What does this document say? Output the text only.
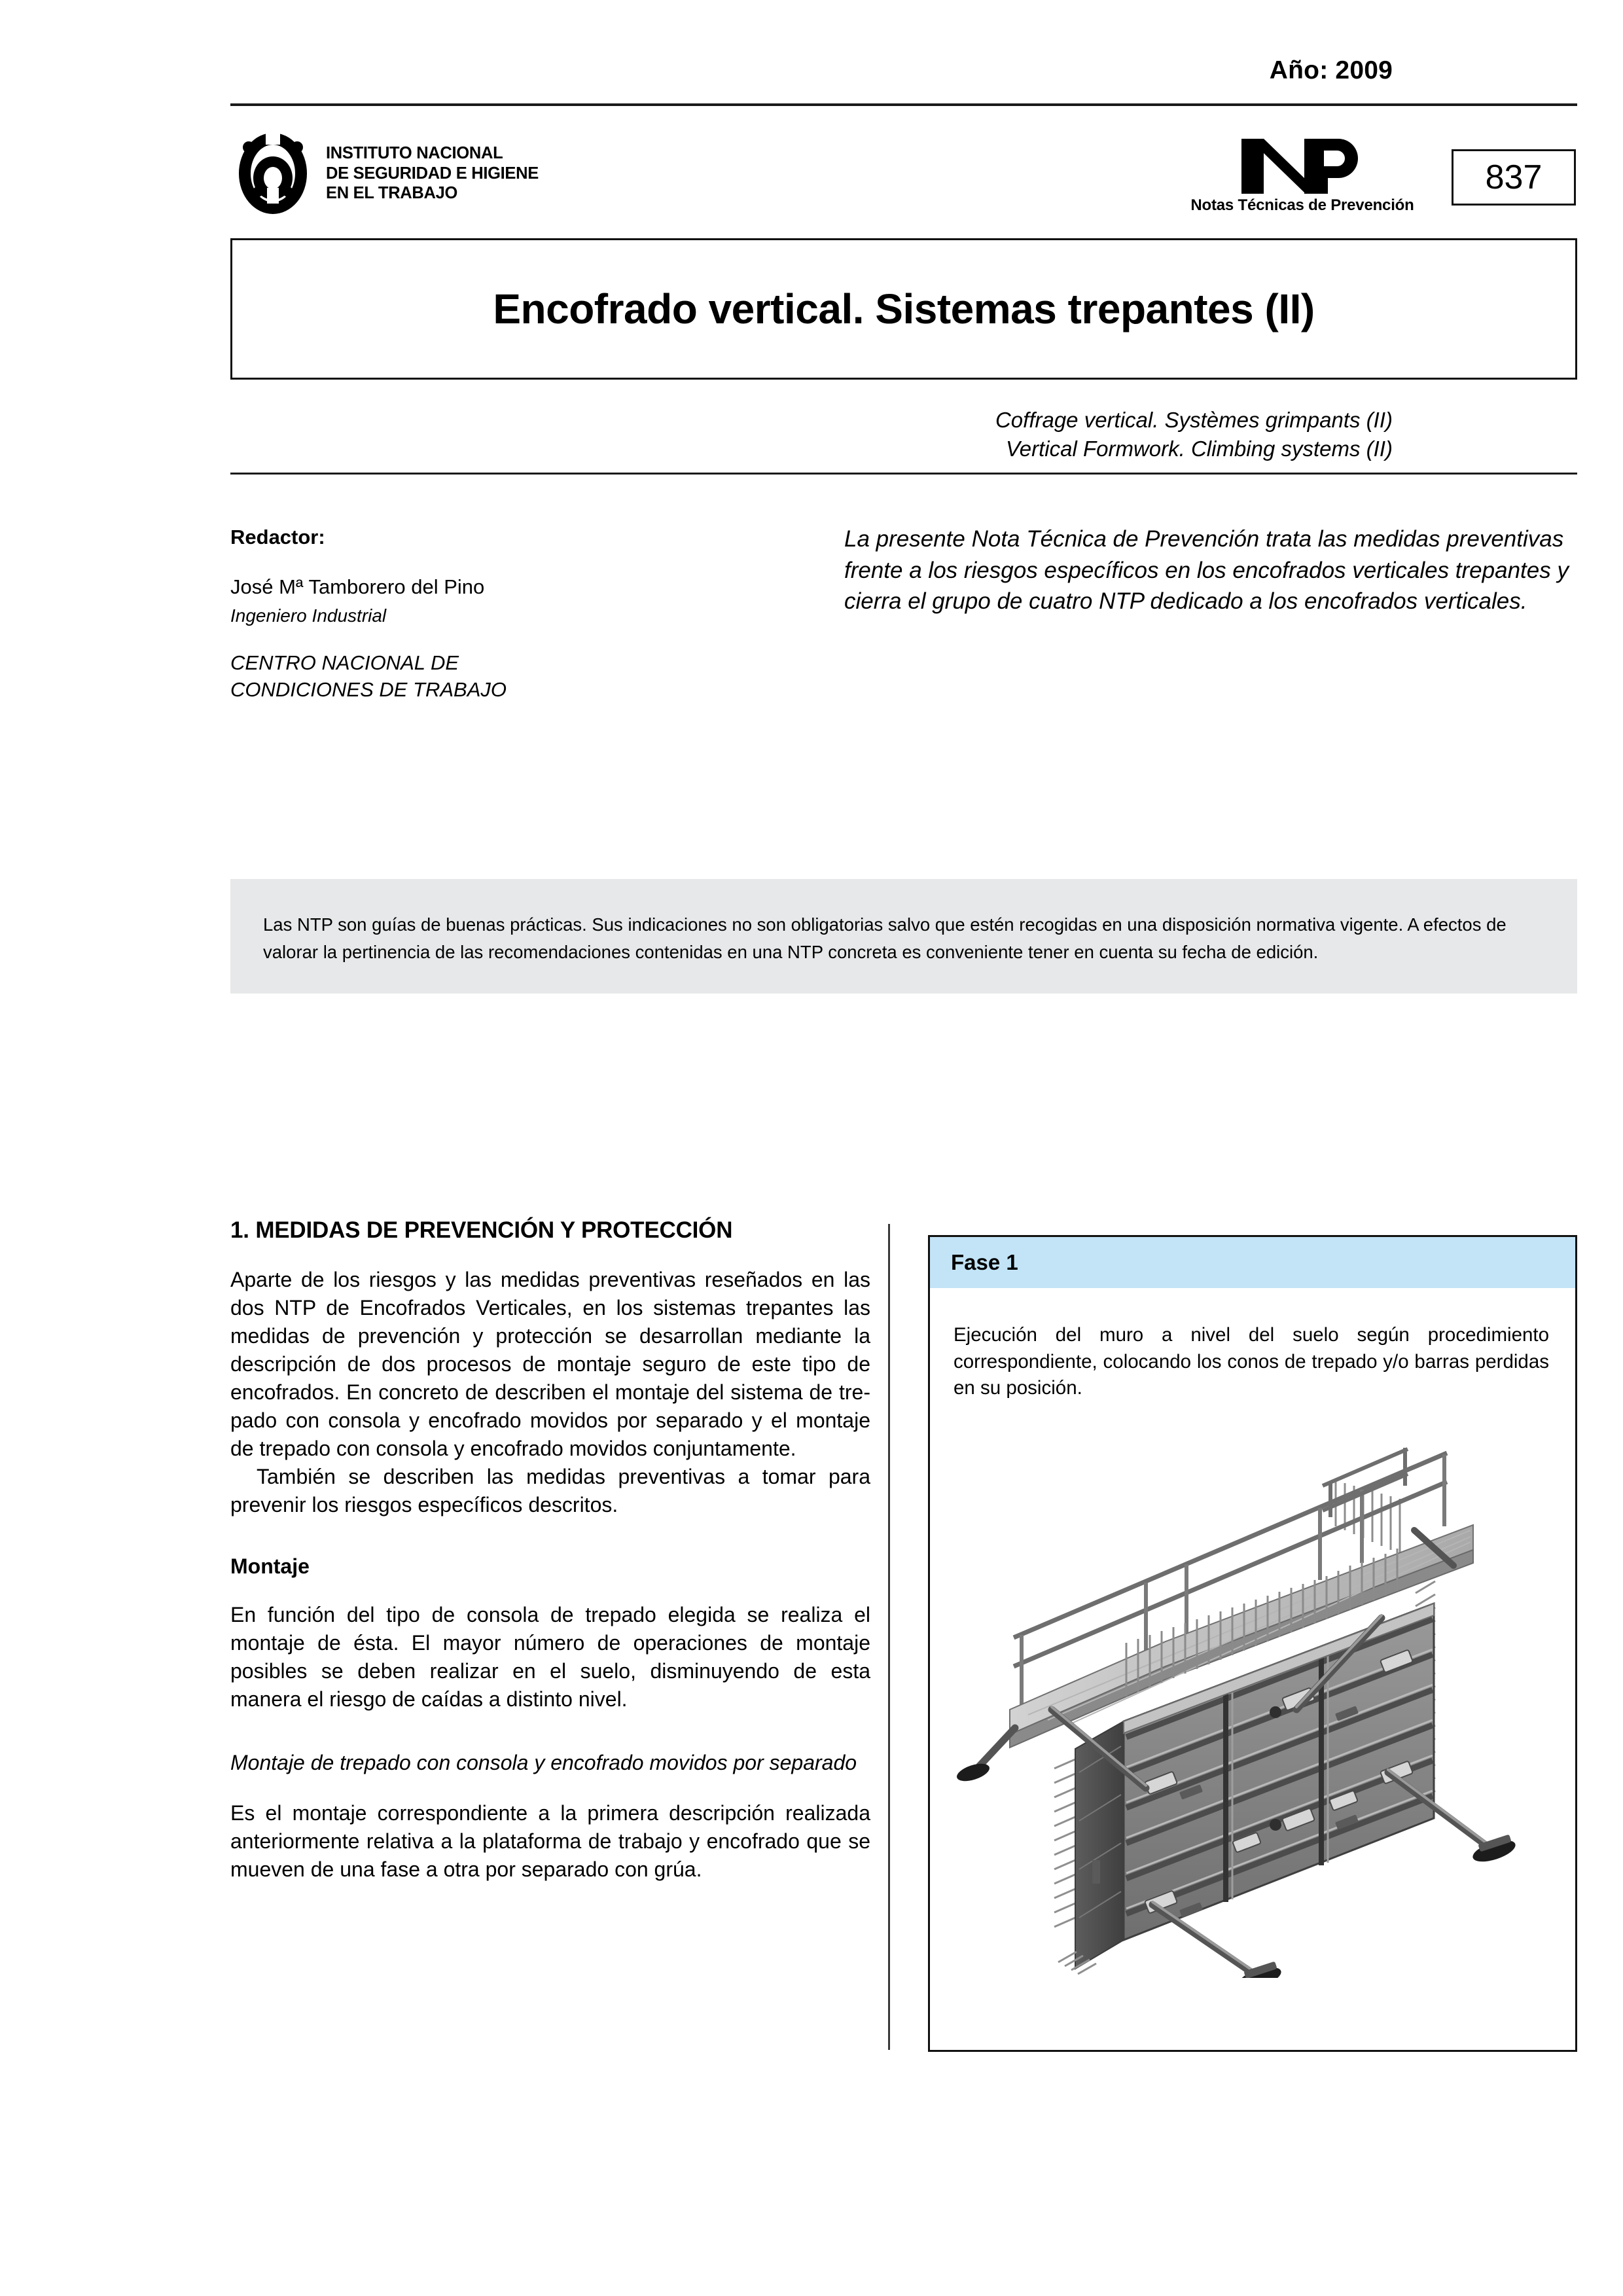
Año: 2009
INSTITUTO NACIONAL
DE SEGURIDAD E HIGIENE
EN EL TRABAJO
Notas Técnicas de Prevención
837
Encofrado vertical. Sistemas trepantes (II)
Coffrage vertical. Systèmes grimpants (II)
Vertical Formwork. Climbing systems (II)
Redactor:
José Mª Tamborero del Pino
Ingeniero Industrial
CENTRO NACIONAL DE
CONDICIONES DE TRABAJO
La presente Nota Técnica de Prevención trata las medidas preventivas frente a los riesgos específicos en los encofrados verticales trepantes y cierra el grupo de cuatro NTP dedicado a los encofrados verticales.
Las NTP son guías de buenas prácticas. Sus indicaciones no son obligatorias salvo que estén recogidas en una disposición normativa vigente. A efectos de valorar la pertinencia de las recomendaciones contenidas en una NTP concreta es conveniente tener en cuenta su fecha de edición.
1. MEDIDAS DE PREVENCIÓN Y PROTECCIÓN

Aparte de los riesgos y las medidas preventivas reseñados en las dos NTP de Encofrados Verticales, en los sistemas trepantes las medidas de prevención y protección se desarrollan mediante la descripción de dos procesos de montaje seguro de este tipo de encofrados. En concreto de describen el montaje del sistema de trepado con consola y encofrado movidos por separado y el montaje de trepado con consola y encofrado movidos conjuntamente.

También se describen las medidas preventivas a tomar para prevenir los riesgos específicos descritos.

Montaje

En función del tipo de consola de trepado elegida se realiza el montaje de ésta. El mayor número de operaciones de montaje posibles se deben realizar en el suelo, disminuyendo de esta manera el riesgo de caídas a distinto nivel.

Montaje de trepado con consola y encofrado movidos por separado

Es el montaje correspondiente a la primera descripción realizada anteriormente relativa a la plataforma de trabajo y encofrado que se mueven de una fase a otra por separado con grúa.

Fase 1
Ejecución del muro a nivel del suelo según procedimiento correspondiente, colocando los conos de trepado y/o barras perdidas en su posición.
